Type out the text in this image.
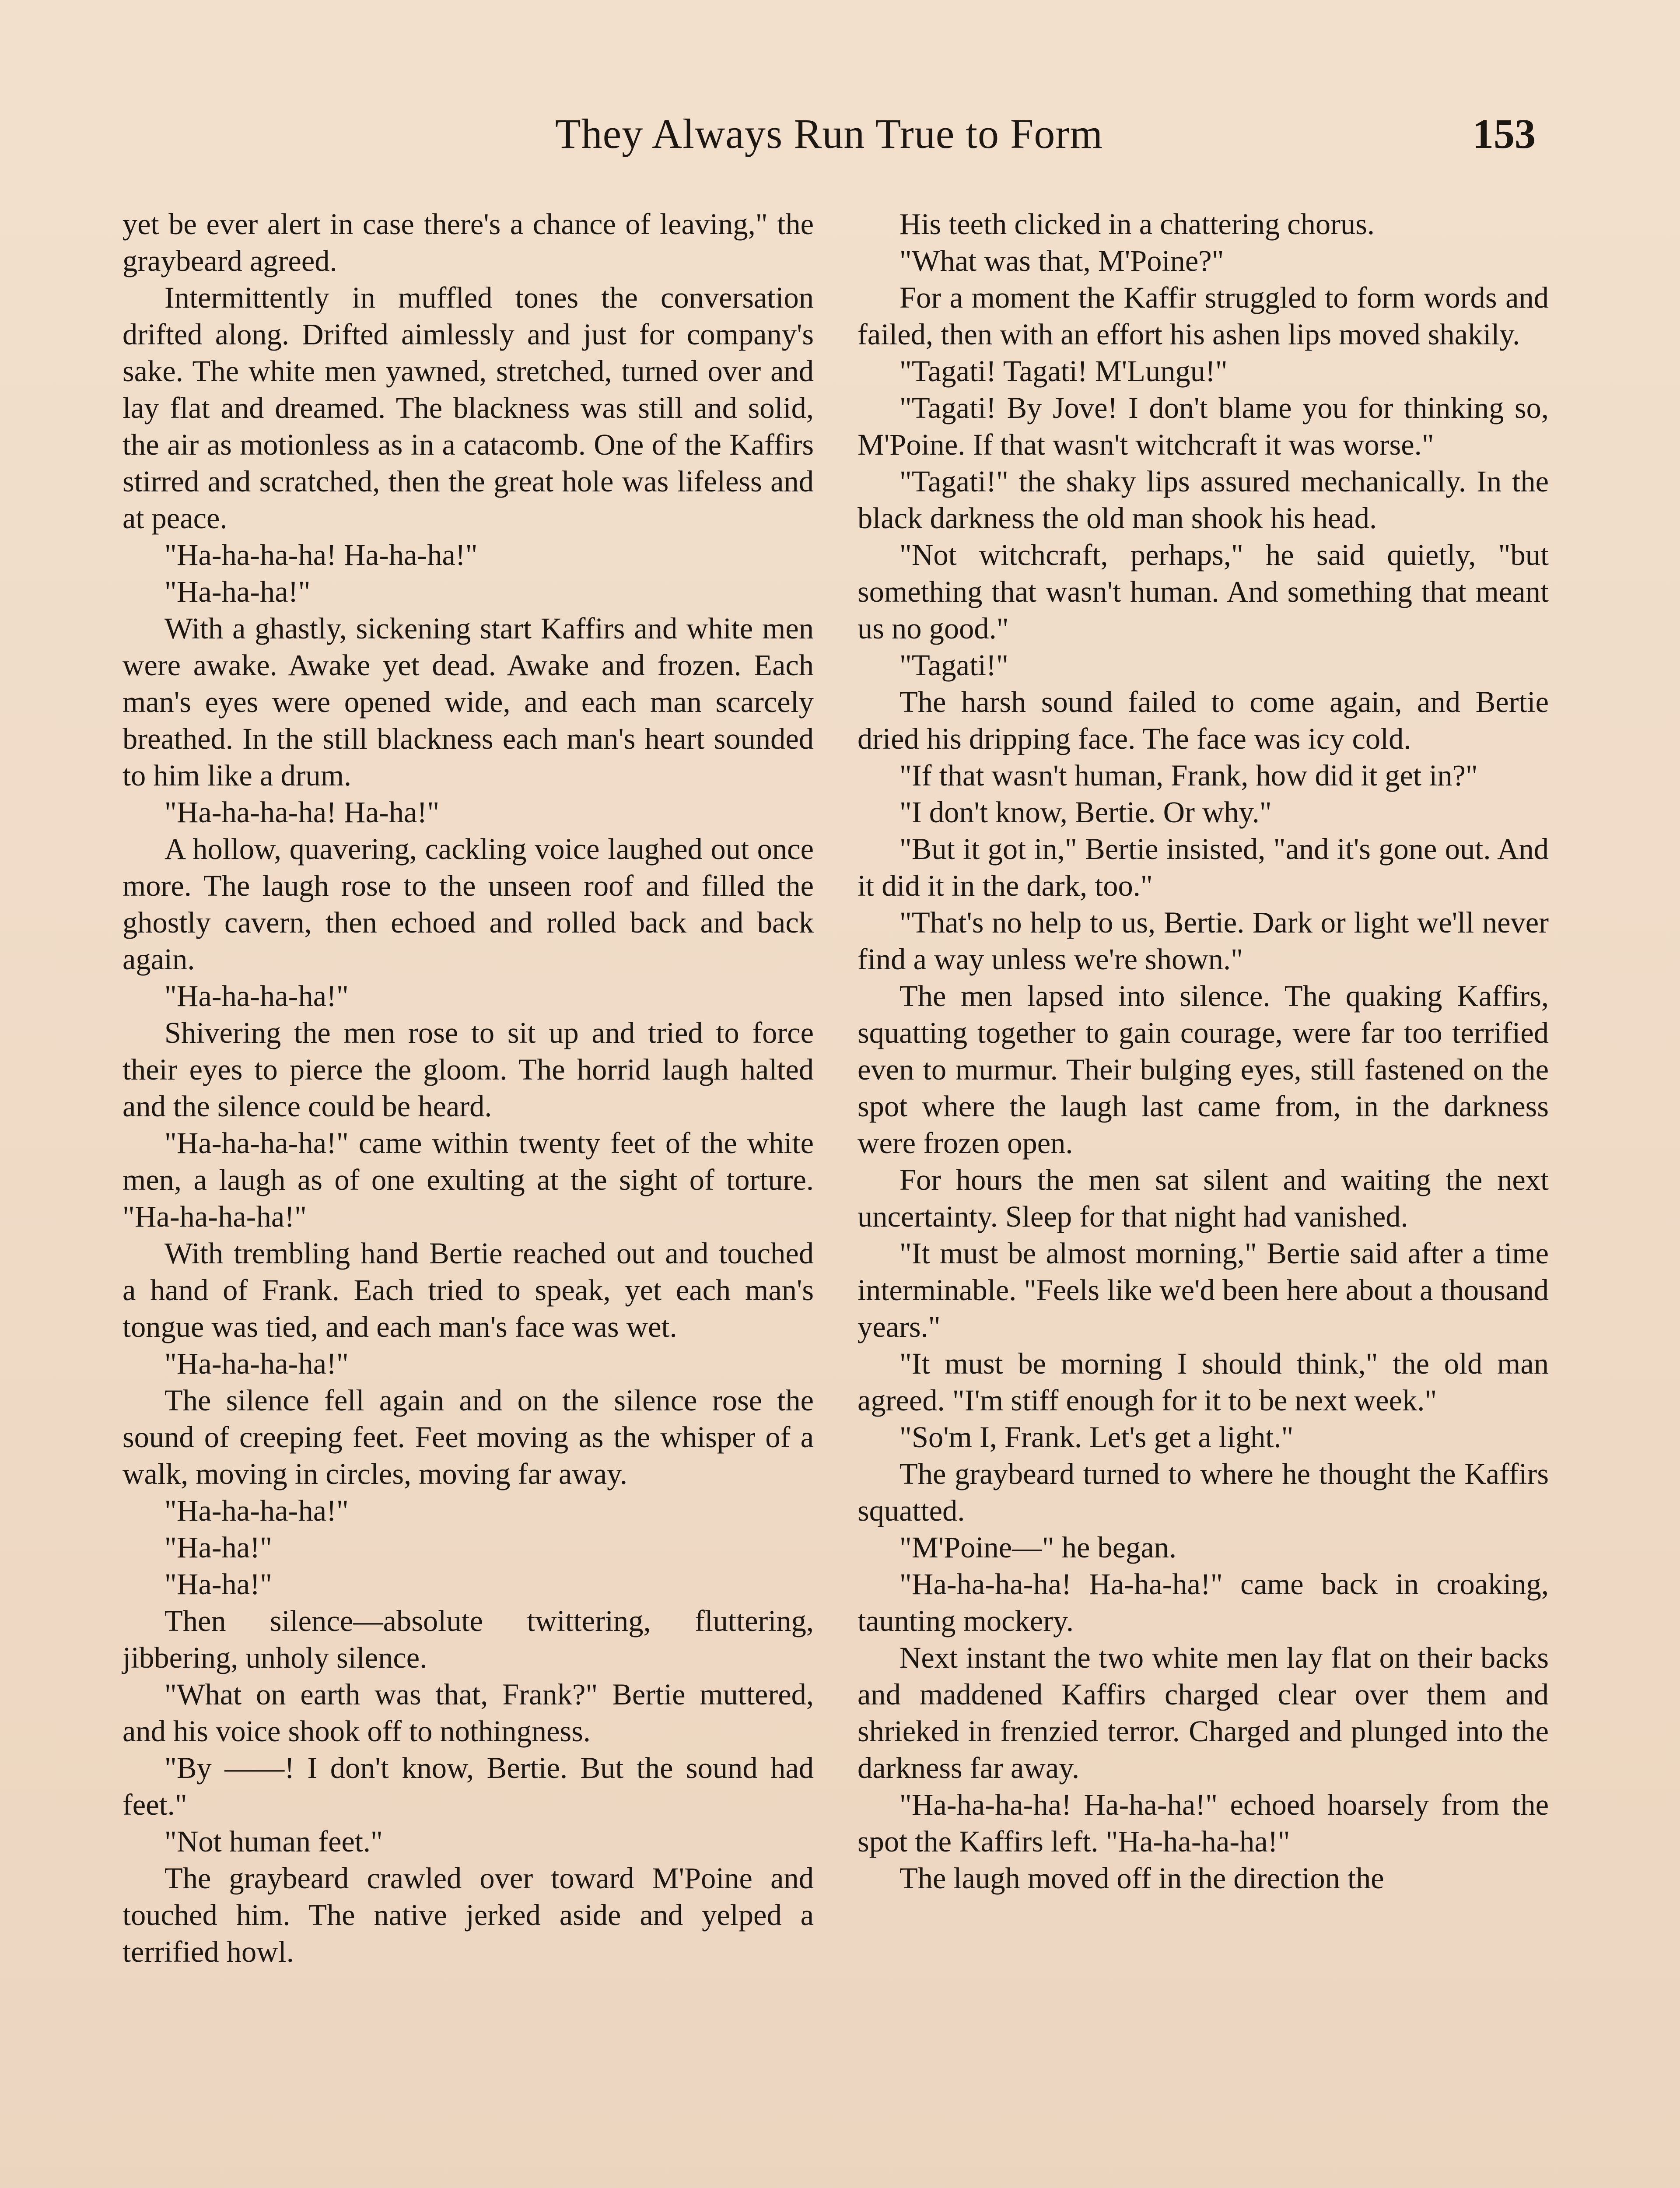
They Always Run True to Form	153

yet be ever alert in case there's a chance of leaving," the graybeard agreed.

Intermittently in muffled tones the conversation drifted along. Drifted aimlessly and just for company's sake. The white men yawned, stretched, turned over and lay flat and dreamed. The blackness was still and solid, the air as motionless as in a catacomb. One of the Kaffirs stirred and scratched, then the great hole was lifeless and at peace.

"Ha-ha-ha-ha! Ha-ha-ha!"

"Ha-ha-ha!"

With a ghastly, sickening start Kaffirs and white men were awake. Awake yet dead. Awake and frozen. Each man's eyes were opened wide, and each man scarcely breathed. In the still blackness each man's heart sounded to him like a drum.

"Ha-ha-ha-ha! Ha-ha!"

A hollow, quavering, cackling voice laughed out once more. The laugh rose to the unseen roof and filled the ghostly cavern, then echoed and rolled back and back again.

"Ha-ha-ha-ha!"

Shivering the men rose to sit up and tried to force their eyes to pierce the gloom. The horrid laugh halted and the silence could be heard.

"Ha-ha-ha-ha!" came within twenty feet of the white men, a laugh as of one exulting at the sight of torture. "Ha-ha-ha-ha!"

With trembling hand Bertie reached out and touched a hand of Frank. Each tried to speak, yet each man's tongue was tied, and each man's face was wet.

"Ha-ha-ha-ha!"

The silence fell again and on the silence rose the sound of creeping feet. Feet moving as the whisper of a walk, moving in circles, moving far away.

"Ha-ha-ha-ha!"

"Ha-ha!"

"Ha-ha!"

Then silence—absolute twittering, fluttering, jibbering, unholy silence.

"What on earth was that, Frank?" Bertie muttered, and his voice shook off to nothingness.

"By ——! I don't know, Bertie. But the sound had feet."

"Not human feet."

The graybeard crawled over toward M'Poine and touched him. The native jerked aside and yelped a terrified howl.

His teeth clicked in a chattering chorus.

"What was that, M'Poine?"

For a moment the Kaffir struggled to form words and failed, then with an effort his ashen lips moved shakily.

"Tagati! Tagati! M'Lungu!"

"Tagati! By Jove! I don't blame you for thinking so, M'Poine. If that wasn't witchcraft it was worse."

"Tagati!" the shaky lips assured mechanically. In the black darkness the old man shook his head.

"Not witchcraft, perhaps," he said quietly, "but something that wasn't human. And something that meant us no good."

"Tagati!"

The harsh sound failed to come again, and Bertie dried his dripping face. The face was icy cold.

"If that wasn't human, Frank, how did it get in?"

"I don't know, Bertie. Or why."

"But it got in," Bertie insisted, "and it's gone out. And it did it in the dark, too."

"That's no help to us, Bertie. Dark or light we'll never find a way unless we're shown."

The men lapsed into silence. The quaking Kaffirs, squatting together to gain courage, were far too terrified even to murmur. Their bulging eyes, still fastened on the spot where the laugh last came from, in the darkness were frozen open.

For hours the men sat silent and waiting the next uncertainty. Sleep for that night had vanished.

"It must be almost morning," Bertie said after a time interminable. "Feels like we'd been here about a thousand years."

"It must be morning I should think," the old man agreed. "I'm stiff enough for it to be next week."

"So'm I, Frank. Let's get a light."

The graybeard turned to where he thought the Kaffirs squatted.

"M'Poine—" he began.

"Ha-ha-ha-ha! Ha-ha-ha!" came back in croaking, taunting mockery.

Next instant the two white men lay flat on their backs and maddened Kaffirs charged clear over them and shrieked in frenzied terror. Charged and plunged into the darkness far away.

"Ha-ha-ha-ha! Ha-ha-ha!" echoed hoarsely from the spot the Kaffirs left. "Ha-ha-ha-ha!"

The laugh moved off in the direction the
